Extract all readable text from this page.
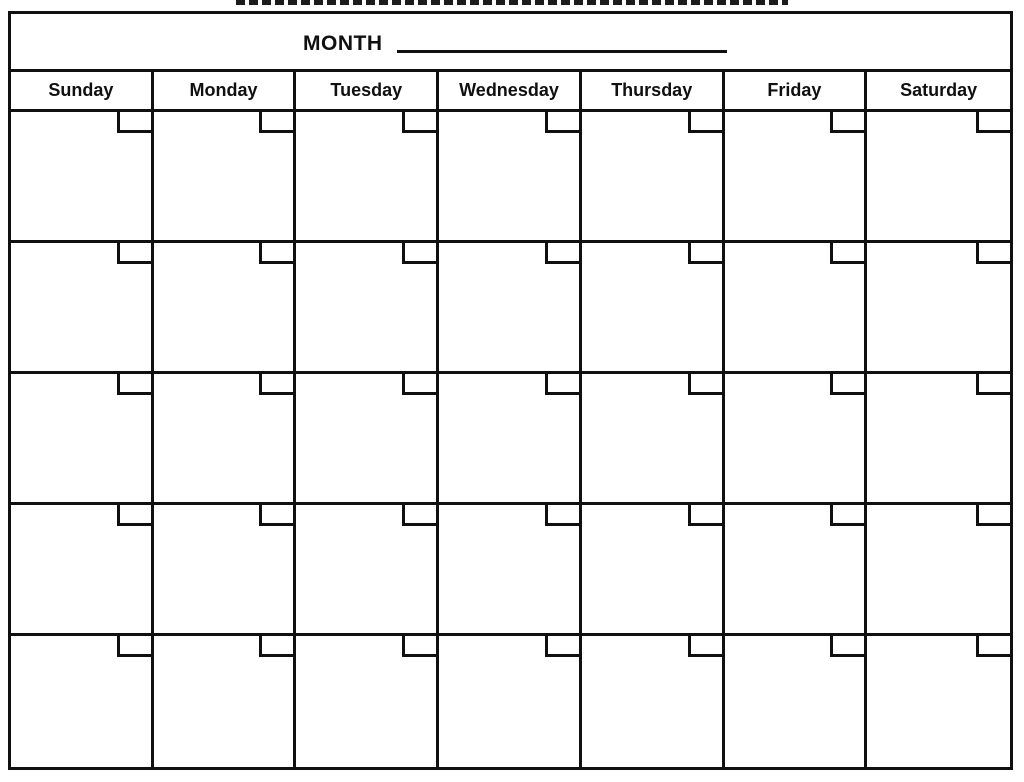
MONTH
Sunday	Monday	Tuesday	Wednesday	Thursday	Friday	Saturday
